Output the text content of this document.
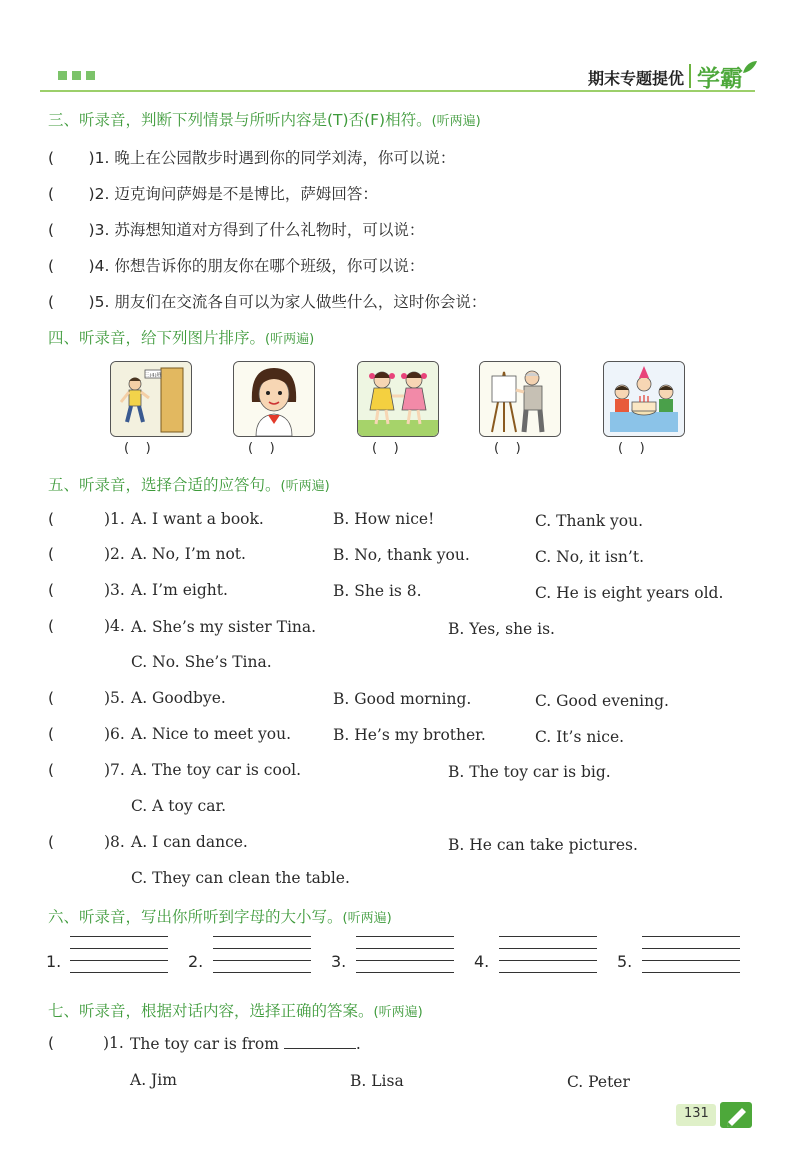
期末专题提优 学霸
三、听录音，判断下列情景与所听内容是(T)否(F)相符。(听两遍)
(       )1. 晚上在公园散步时遇到你的同学刘涛，你可以说：
(       )2. 迈克询问萨姆是不是博比，萨姆回答：
(       )3. 苏海想知道对方得到了什么礼物时，可以说：
(       )4. 你想告诉你的朋友你在哪个班级，你可以说：
(       )5. 朋友们在交流各自可以为家人做些什么，这时你会说：
四、听录音，给下列图片排序。(听两遍)
三(4)班
(    )	(    )	(    )	(    )	(    )
五、听录音，选择合适的应答句。(听两遍)
( )1. A. I want a book.	B. How nice!	C. Thank you.
( )2. A. No, I’m not.	B. No, thank you.	C. No, it isn’t.
( )3. A. I’m eight.	B. She is 8.	C. He is eight years old.
( )4. A. She’s my sister Tina.	B. Yes, she is.
C. No. She’s Tina.
( )5. A. Goodbye.	B. Good morning.	C. Good evening.
( )6. A. Nice to meet you.	B. He’s my brother.	C. It’s nice.
( )7. A. The toy car is cool.	B. The toy car is big.
C. A toy car.
( )8. A. I can dance.	B. He can take pictures.
C. They can clean the table.
六、听录音，写出你所听到字母的大小写。(听两遍)
1.	2.	3.	4.	5.
七、听录音，根据对话内容，选择正确的答案。(听两遍)
( )1. The toy car is from	.
A. Jim	B. Lisa	C. Peter
131
